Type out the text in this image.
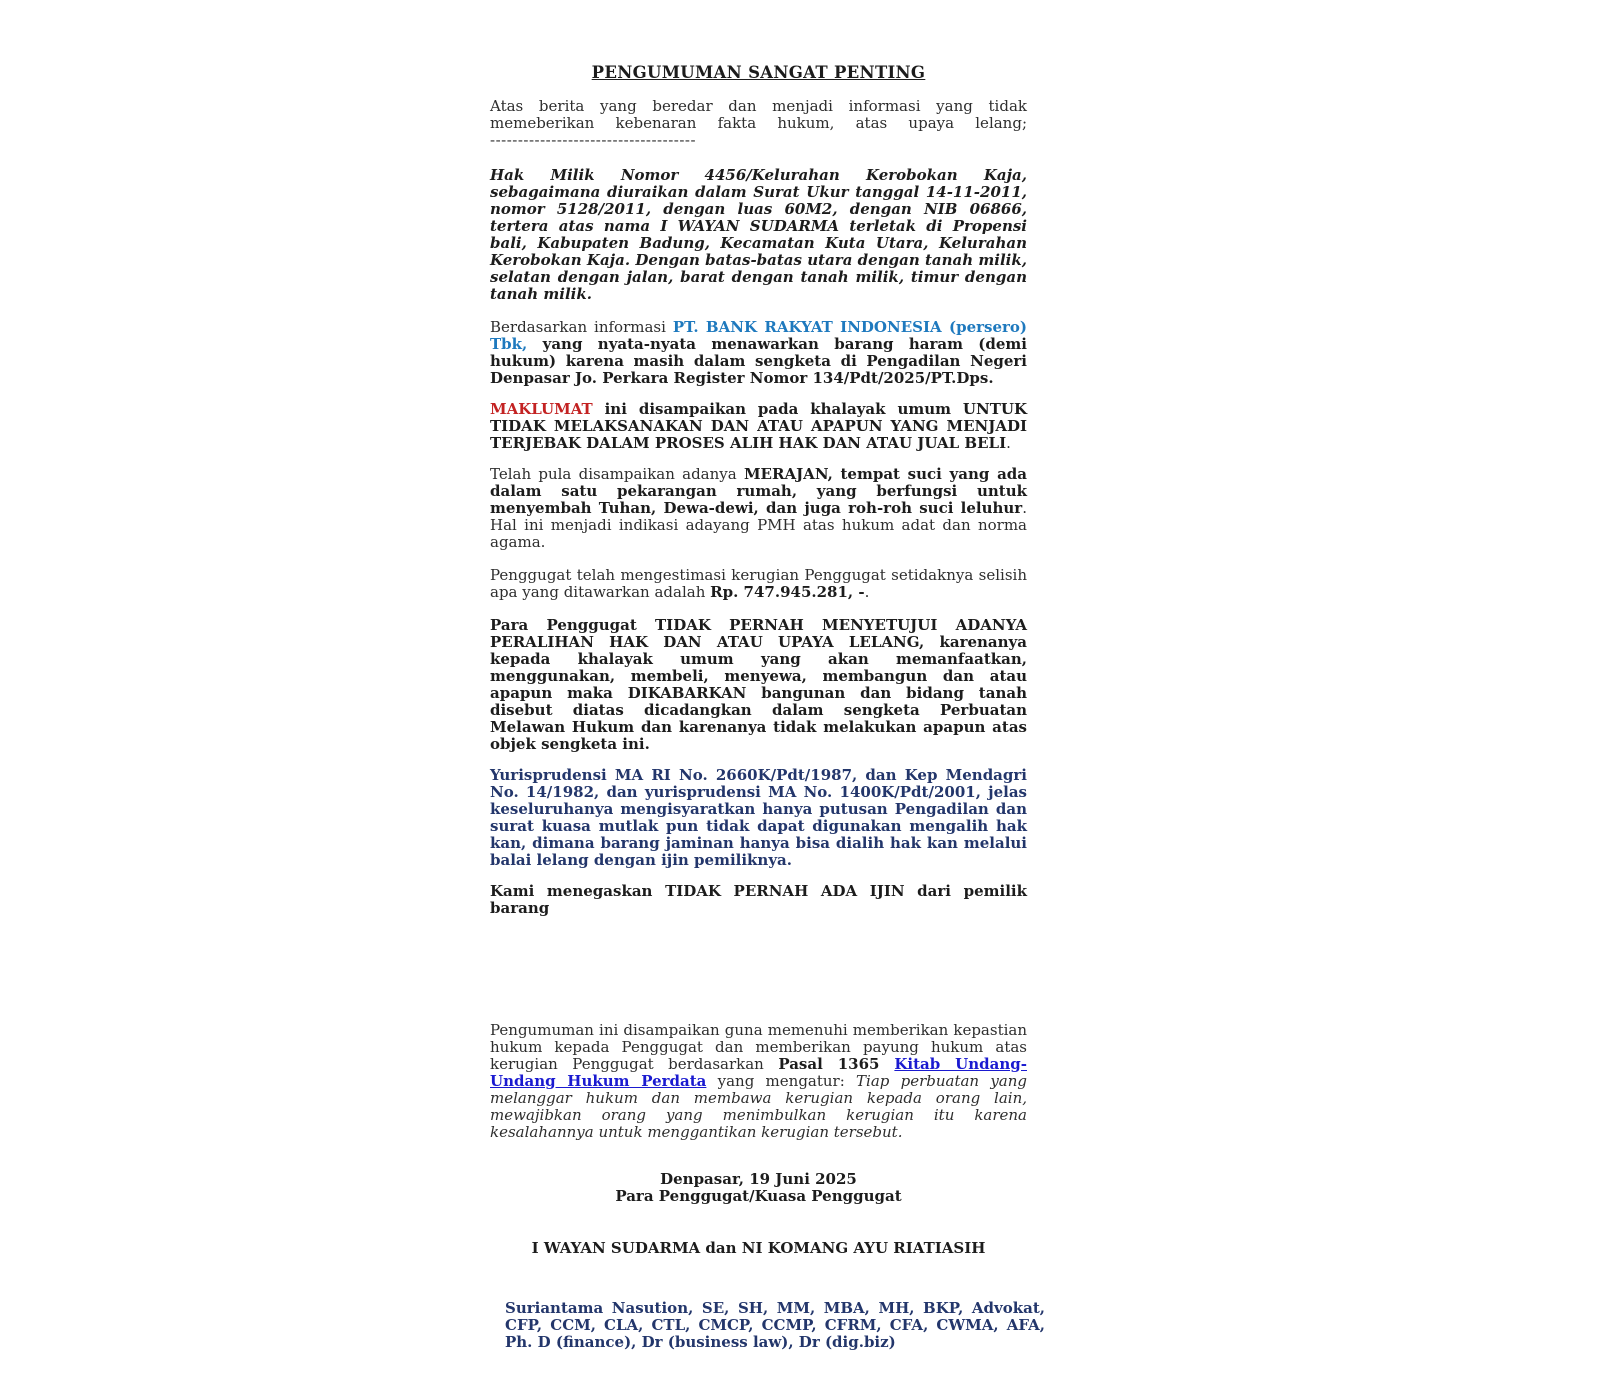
PENGUMUMAN SANGAT PENTING

Atas berita yang beredar dan menjadi informasi yang tidak memeberikan kebenaran fakta hukum, atas upaya lelang; -------------------------------------

Hak Milik Nomor 4456/Kelurahan Kerobokan Kaja, sebagaimana diuraikan dalam Surat Ukur tanggal 14-11-2011, nomor 5128/2011, dengan luas 60M2, dengan NIB 06866, tertera atas nama I WAYAN SUDARMA terletak di Propensi bali, Kabupaten Badung, Kecamatan Kuta Utara, Kelurahan Kerobokan Kaja. Dengan batas-batas utara dengan tanah milik, selatan dengan jalan, barat dengan tanah milik, timur dengan tanah milik.

Berdasarkan informasi PT. BANK RAKYAT INDONESIA (persero) Tbk, yang nyata-nyata menawarkan barang haram (demi hukum) karena masih dalam sengketa di Pengadilan Negeri Denpasar Jo. Perkara Register Nomor 134/Pdt/2025/PT.Dps.

MAKLUMAT ini disampaikan pada khalayak umum UNTUK TIDAK MELAKSANAKAN DAN ATAU APAPUN YANG MENJADI TERJEBAK DALAM PROSES ALIH HAK DAN ATAU JUAL BELI.

Telah pula disampaikan adanya MERAJAN, tempat suci yang ada dalam satu pekarangan rumah, yang berfungsi untuk menyembah Tuhan, Dewa-dewi, dan juga roh-roh suci leluhur. Hal ini menjadi indikasi adayang PMH atas hukum adat dan norma agama.

Penggugat telah mengestimasi kerugian Penggugat setidaknya selisih apa yang ditawarkan adalah Rp. 747.945.281, -.

Para Penggugat TIDAK PERNAH MENYETUJUI ADANYA PERALIHAN HAK DAN ATAU UPAYA LELANG, karenanya kepada khalayak umum yang akan memanfaatkan, menggunakan, membeli, menyewa, membangun dan atau apapun maka DIKABARKAN bangunan dan bidang tanah disebut diatas dicadangkan dalam sengketa Perbuatan Melawan Hukum dan karenanya tidak melakukan apapun atas objek sengketa ini.

Yurisprudensi MA RI No. 2660K/Pdt/1987, dan Kep Mendagri No. 14/1982, dan yurisprudensi MA No. 1400K/Pdt/2001, jelas keseluruhanya mengisyaratkan hanya putusan Pengadilan dan surat kuasa mutlak pun tidak dapat digunakan mengalih hak kan, dimana barang jaminan hanya bisa dialih hak kan melalui balai lelang dengan ijin pemiliknya.

Kami menegaskan TIDAK PERNAH ADA IJIN dari pemilik barang

Pengumuman ini disampaikan guna memenuhi memberikan kepastian hukum kepada Penggugat dan memberikan payung hukum atas kerugian Penggugat berdasarkan Pasal 1365 Kitab Undang-Undang Hukum Perdata yang mengatur: Tiap perbuatan yang melanggar hukum dan membawa kerugian kepada orang lain, mewajibkan orang yang menimbulkan kerugian itu karena kesalahannya untuk menggantikan kerugian tersebut.

Denpasar, 19 Juni 2025
Para Penggugat/Kuasa Penggugat
I WAYAN SUDARMA dan NI KOMANG AYU RIATIASIH
Suriantama Nasution, SE, SH, MM, MBA, MH, BKP, Advokat, CFP, CCM, CLA, CTL, CMCP, CCMP, CFRM, CFA, CWMA, AFA, Ph. D (finance), Dr (business law), Dr (dig.biz)
